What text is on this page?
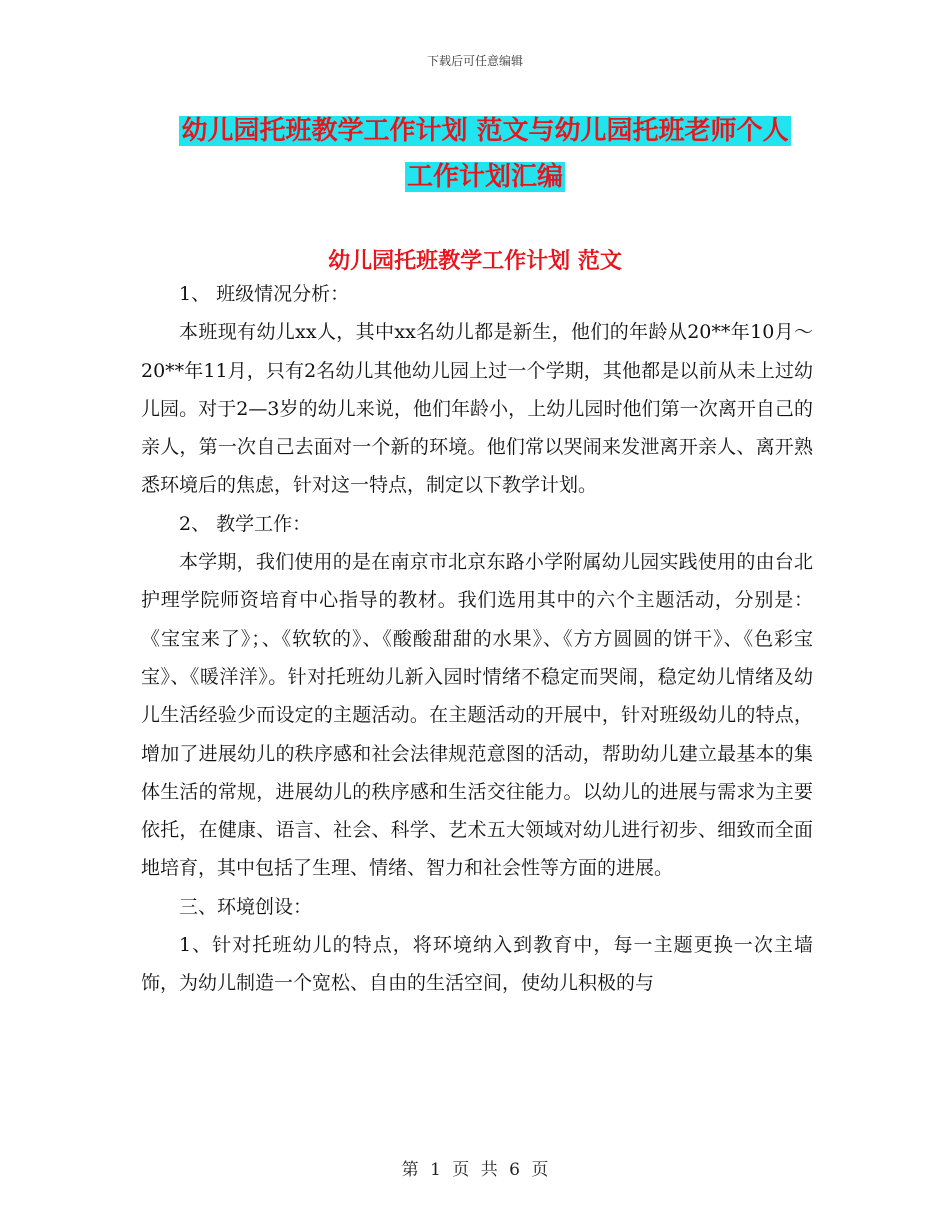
下载后可任意编辑
幼儿园托班教学工作计划 范文与幼儿园托班老师个人
工作计划汇编
幼儿园托班教学工作计划 范文

1、 班级情况分析：

本班现有幼儿xx人，其中xx名幼儿都是新生，他们的年龄从20**年10月～20**年11月，只有2名幼儿其他幼儿园上过一个学期，其他都是以前从未上过幼儿园。对于2—3岁的幼儿来说，他们年龄小，上幼儿园时他们第一次离开自己的亲人，第一次自己去面对一个新的环境。他们常以哭闹来发泄离开亲人、离开熟悉环境后的焦虑，针对这一特点，制定以下教学计划。

2、 教学工作：

本学期，我们使用的是在南京市北京东路小学附属幼儿园实践使用的由台北护理学院师资培育中心指导的教材。我们选用其中的六个主题活动，分别是：《宝宝来了》；、《软软的》、《酸酸甜甜的水果》、《方方圆圆的饼干》、《色彩宝宝》、《暖洋洋》。针对托班幼儿新入园时情绪不稳定而哭闹，稳定幼儿情绪及幼儿生活经验少而设定的主题活动。在主题活动的开展中，针对班级幼儿的特点，增加了进展幼儿的秩序感和社会法律规范意图的活动，帮助幼儿建立最基本的集体生活的常规，进展幼儿的秩序感和生活交往能力。以幼儿的进展与需求为主要依托，在健康、语言、社会、科学、艺术五大领域对幼儿进行初步、细致而全面地培育，其中包括了生理、情绪、智力和社会性等方面的进展。

三、环境创设：

1、针对托班幼儿的特点，将环境纳入到教育中，每一主题更换一次主墙饰，为幼儿制造一个宽松、自由的生活空间，使幼儿积极的与

第 1 页 共 6 页
